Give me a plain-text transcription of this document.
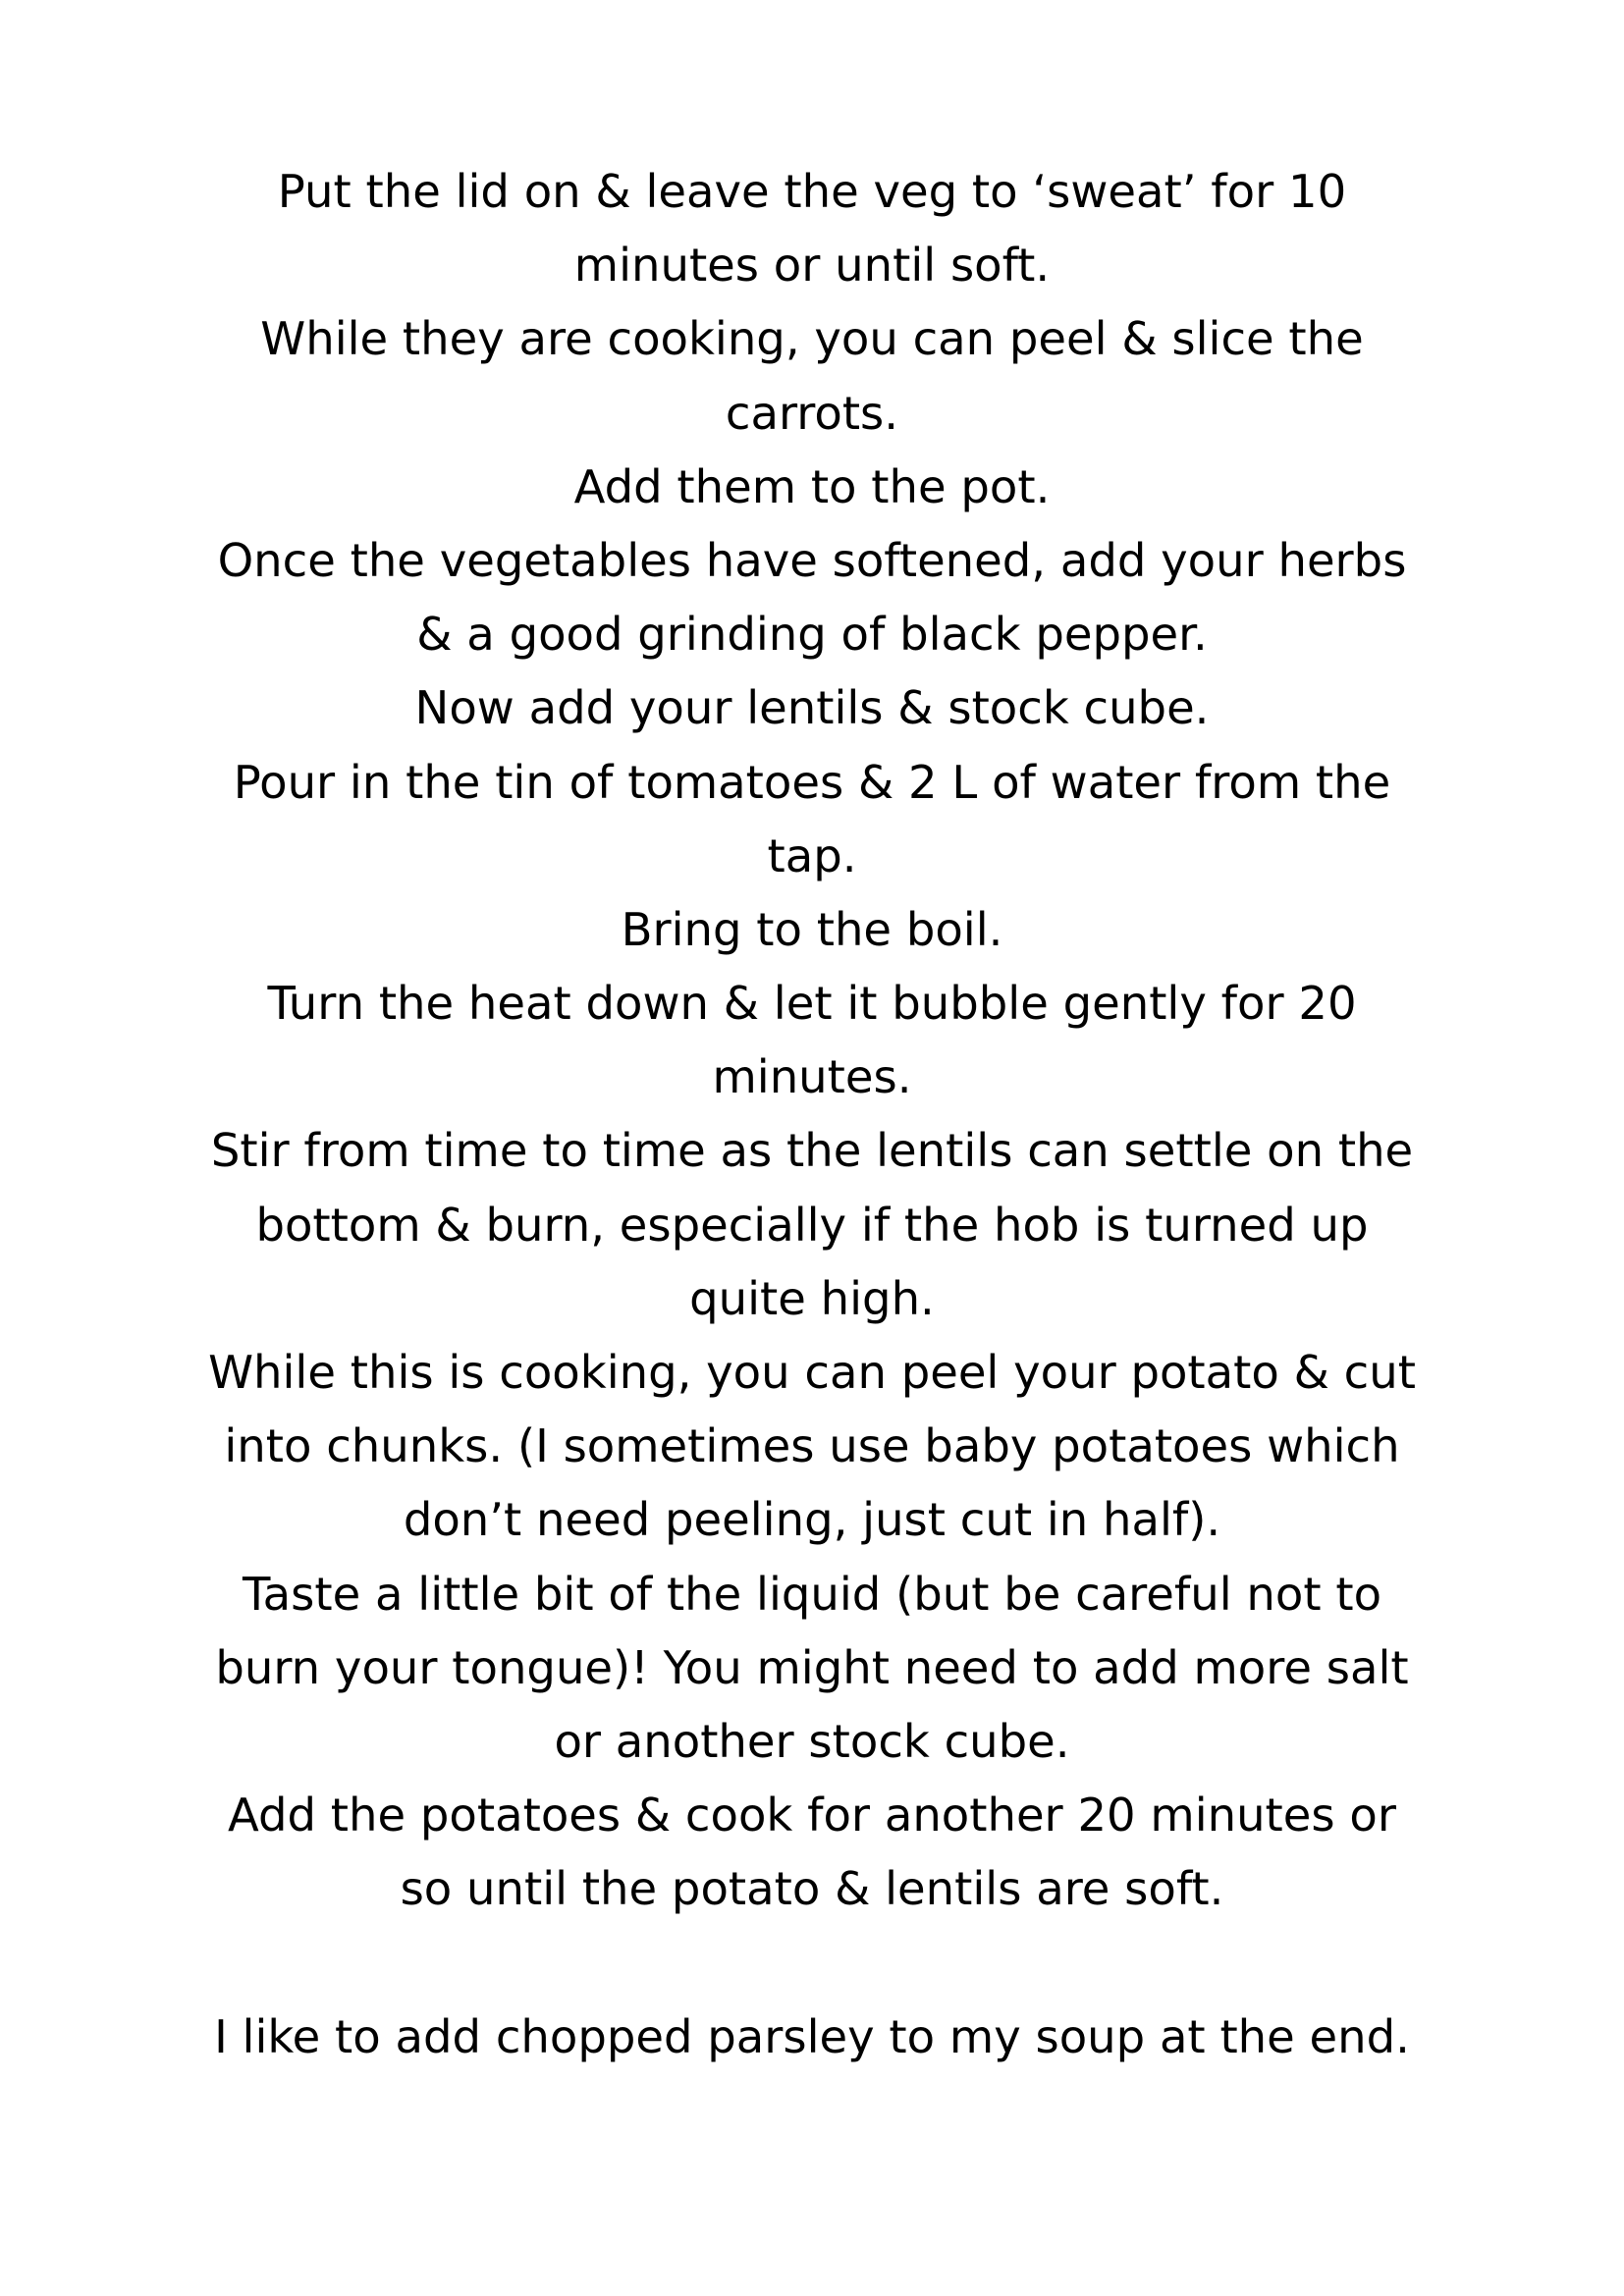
Put the lid on & leave the veg to ‘sweat’ for 10
minutes or until soft.
While they are cooking, you can peel & slice the
carrots.
Add them to the pot.
Once the vegetables have softened, add your herbs
& a good grinding of black pepper.
Now add your lentils & stock cube.
Pour in the tin of tomatoes & 2 L of water from the
tap.
Bring to the boil.
Turn the heat down & let it bubble gently for 20
minutes.
Stir from time to time as the lentils can settle on the
bottom & burn, especially if the hob is turned up
quite high.
While this is cooking, you can peel your potato & cut
into chunks. (I sometimes use baby potatoes which
don’t need peeling, just cut in half).
Taste a little bit of the liquid (but be careful not to
burn your tongue)! You might need to add more salt
or another stock cube.
Add the potatoes & cook for another 20 minutes or
so until the potato & lentils are soft.
I like to add chopped parsley to my soup at the end.
